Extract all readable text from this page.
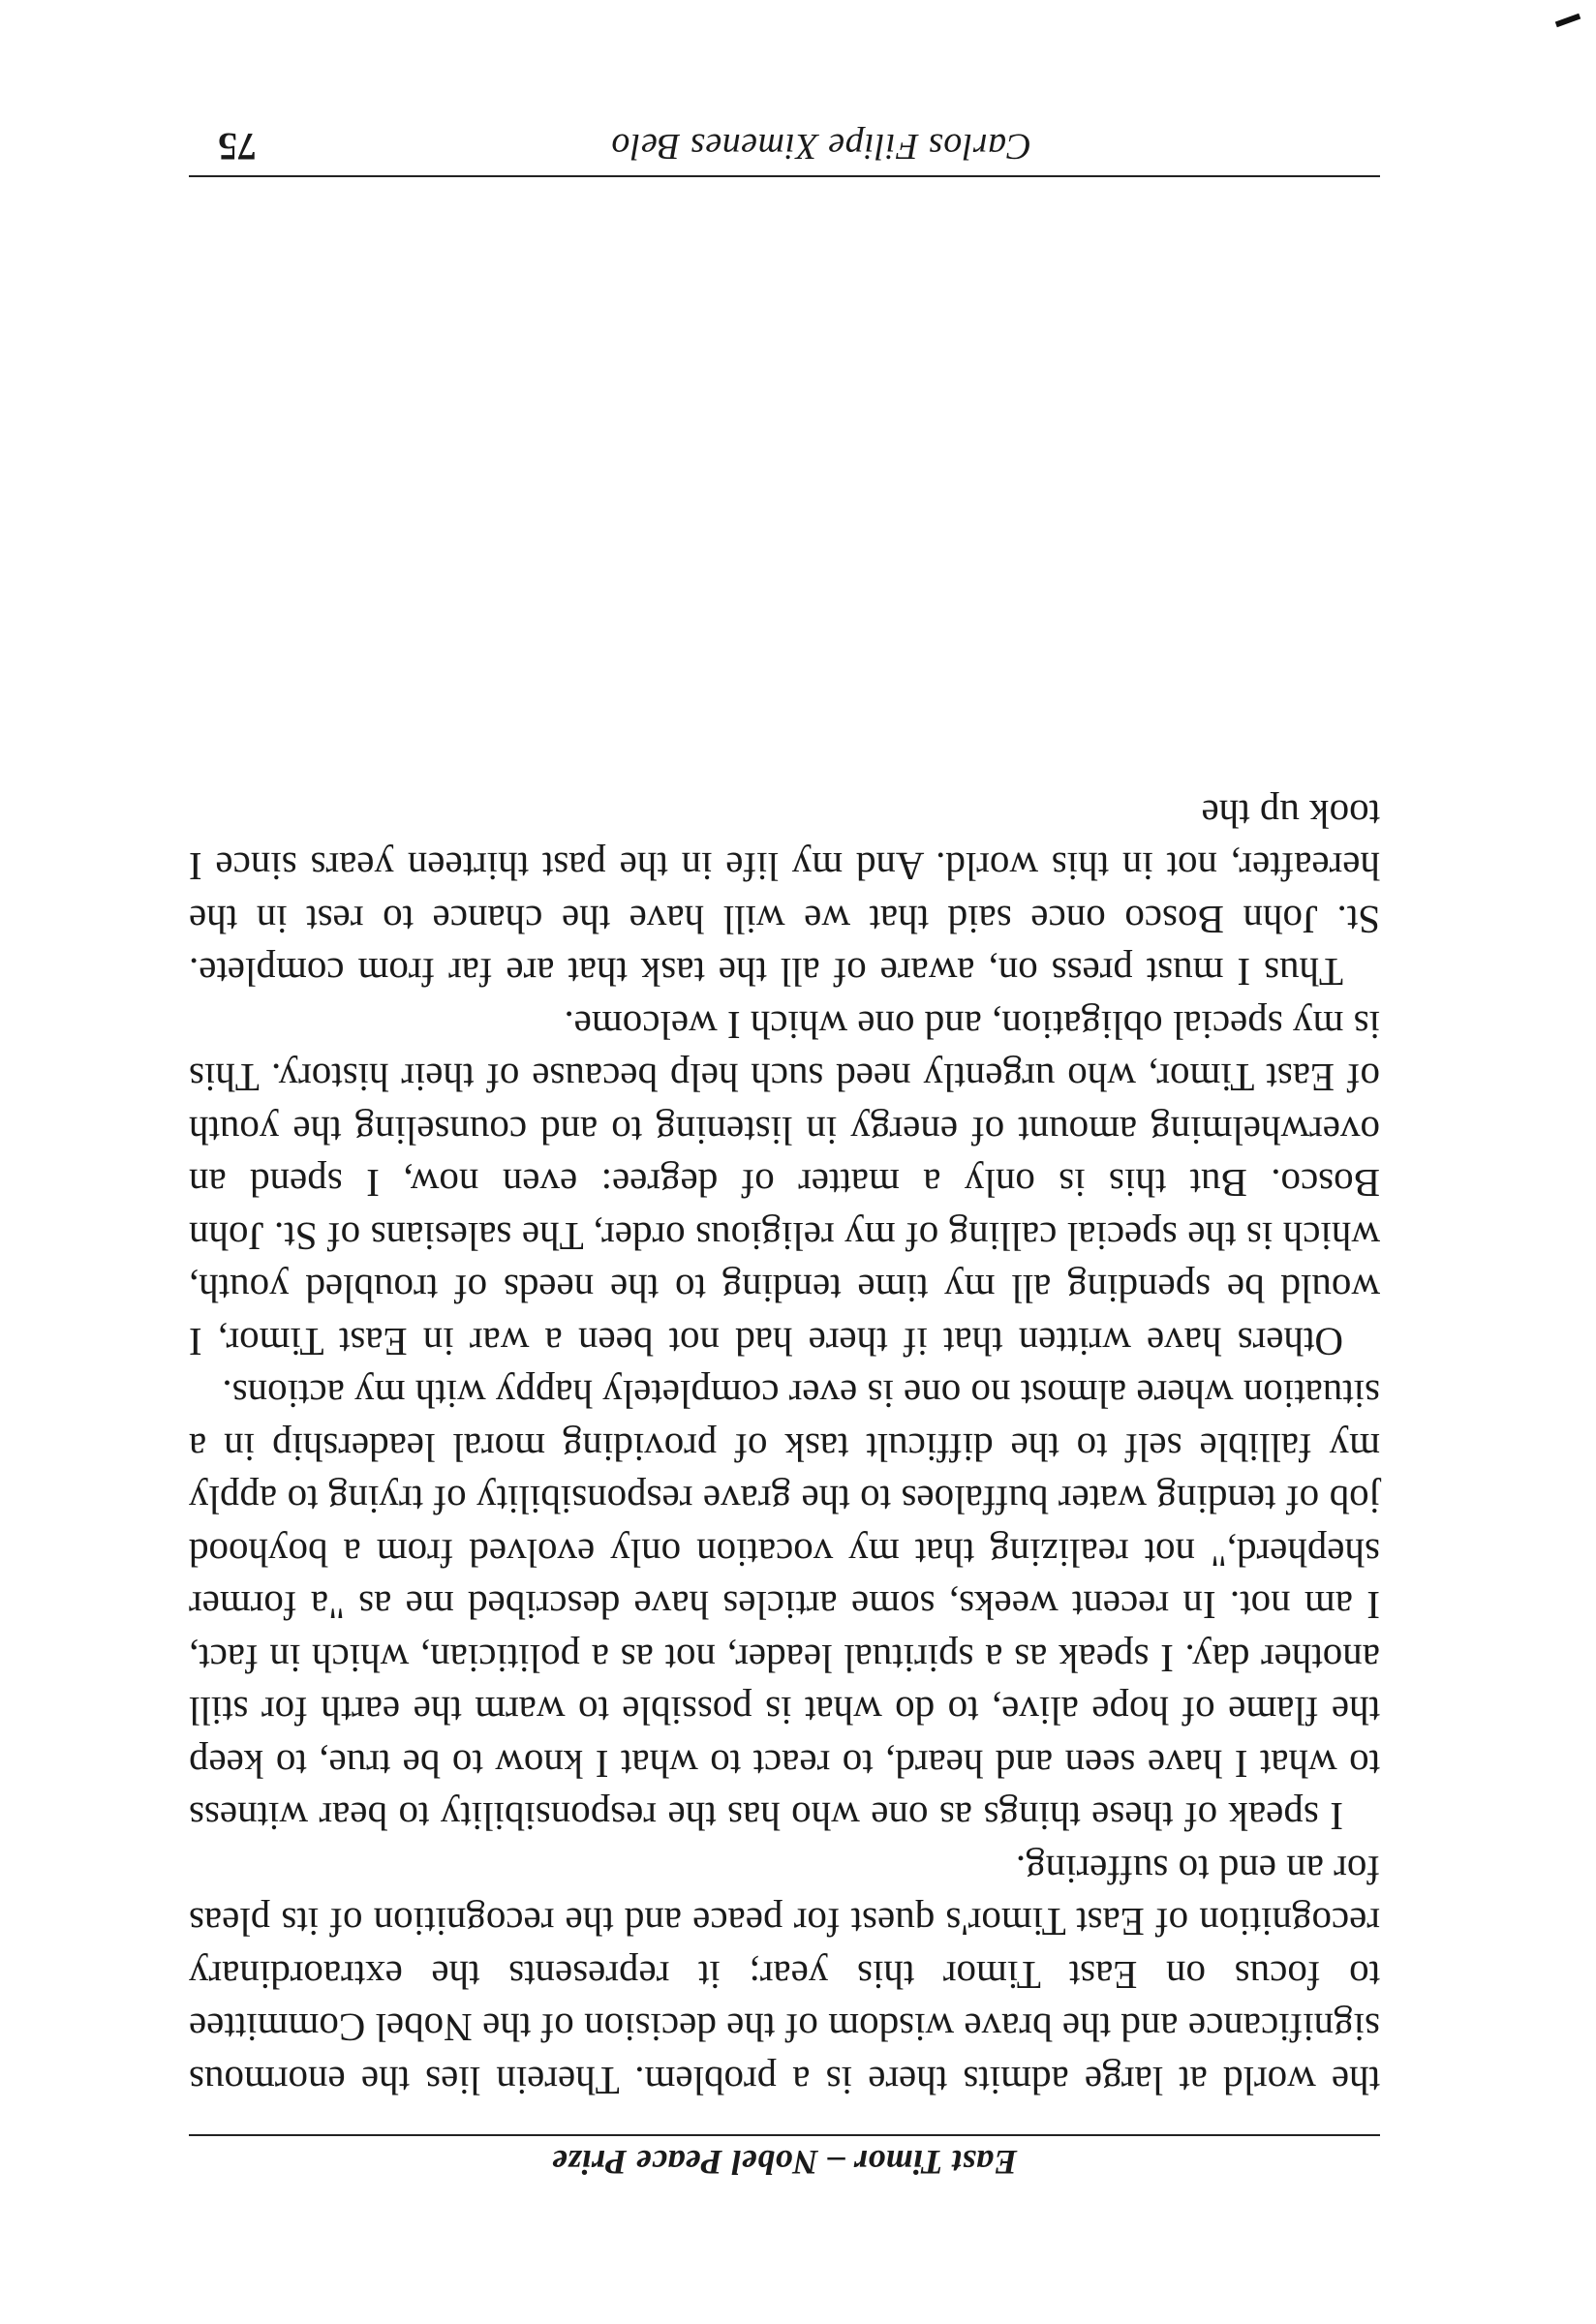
East Timor – Nobel Peace Prize

the world at large admits there is a problem. Therein lies the enormous significance and the brave wisdom of the decision of the Nobel Committee to focus on East Timor this year; it represents the extraordinary recognition of East Timor's quest for peace and the recognition of its pleas for an end to suffering.

I speak of these things as one who has the responsibility to bear witness to what I have seen and heard, to react to what I know to be true, to keep the flame of hope alive, to do what is possible to warm the earth for still another day. I speak as a spiritual leader, not as a politician, which in fact, I am not. In recent weeks, some articles have described me as "a former shepherd," not realizing that my vocation only evolved from a boyhood job of tending water buffaloes to the grave responsibility of trying to apply my fallible self to the difficult task of providing moral leadership in a situation where almost no one is ever completely happy with my actions.

Others have written that if there had not been a war in East Timor, I would be spending all my time tending to the needs of troubled youth, which is the special calling of my religious order, The salesians of St. John Bosco. But this is only a matter of degree: even now, I spend an overwhelming amount of energy in listening to and counseling the youth of East Timor, who urgently need such help because of their history. This is my special obligation, and one which I welcome.

Thus I must press on, aware of all the task that are far from complete. St. John Bosco once said that we will have the chance to rest in the hereafter, not in this world. And my life in the past thirteen years since I took up the

Carlos Filipe Ximenes Belo
75
